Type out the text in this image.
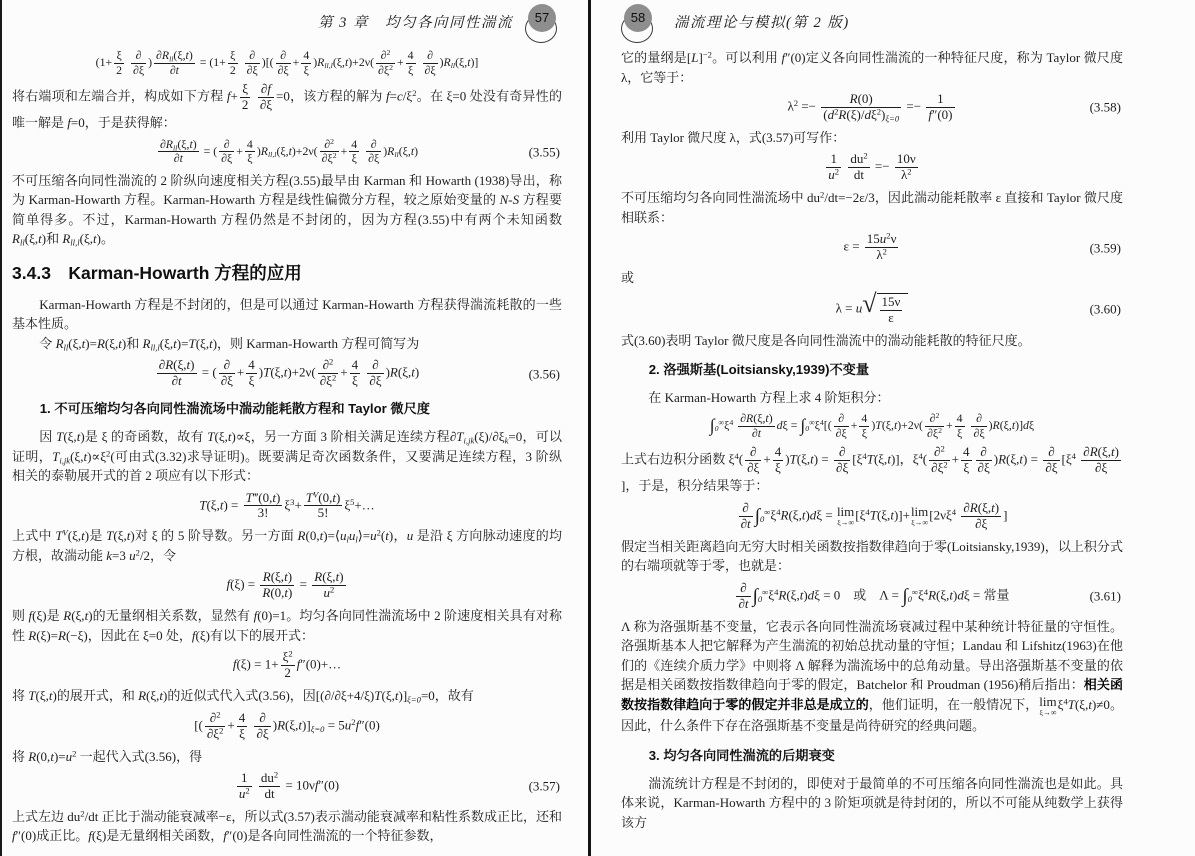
第 3 章　均匀各向同性湍流	57
($1+ \frac{\xi}{2}$
∂
∂ξ
) $\partial R_{ll}(\xi,t)$
∂t
= ($1+ \frac{\xi}{2}$
∂
∂ξ
)[( ∂
∂ξ
+ $\frac{4}{\xi} )R_{ll,l}(\xi,t)+2\nu( \frac{\partial^2}{\partial\xi^2} + \frac{4}{\xi}$
∂
∂ξ
)$R_{ll}(\xi,t)$]

将右端项和左端合并，构成如下方程 $f+ \frac{\xi}{2}$
$\frac{\partial f}{\partial\xi} =0$，该方程的解为 $f=c/\xi^2$。在 ξ=0 处没有奇异性的唯一解是 f=0，于是获得解：

$\partial R_{ll}(\xi,t)$
∂t
= ( ∂
∂ξ
+ $\frac{4}{\xi} )R_{ll,l}(\xi,t)+2\nu( \frac{\partial^2}{\partial\xi^2} + \frac{4}{\xi}$
∂
∂ξ
)$R_{ll}(\xi,t)$	(3.55)

不可压缩各向同性湍流的 2 阶纵向速度相关方程(3.55)最早由 Karman 和 Howarth (1938)导出，称为 Karman-Howarth 方程。Karman-Howarth 方程是线性偏微分方程，较之原始变量的 N-S 方程要简单得多。不过，Karman-Howarth 方程仍然是不封闭的，因为方程(3.55)中有两个未知函数 $R_{ll}(\xi,t)$和 $R_{ll,l}(\xi,t)$。

3.4.3　Karman-Howarth 方程的应用

Karman-Howarth 方程是不封闭的，但是可以通过 Karman-Howarth 方程获得湍流耗散的一些基本性质。

令 $R_{ll}(\xi,t)=R(\xi,t)$和 $R_{ll,l}(\xi,t)=T(\xi,t)$，则 Karman-Howarth 方程可简写为

$\frac{\partial R(\xi,t)}{\partial t}$ = ( ∂
∂ξ
+ $\frac{4}{\xi} )T(\xi,t)+2\nu( \frac{\partial^2}{\partial\xi^2} + \frac{4}{\xi}$
∂
∂ξ
)R(ξ,t)	(3.56)
1. 不可压缩均匀各向同性湍流场中湍动能耗散方程和 Taylor 微尺度

因 T(ξ,t)是 ξ 的奇函数，故有 T(ξ,t)∝ξ，另一方面 3 阶相关满足连续方程$\partial T_{i,jk}(\xi)/\partial\xi_k=0$，可以证明，$T_{i,jk}(\xi,t)\propto\xi^2$(可由式(3.32)求导证明)。既要满足奇次函数条件，又要满足连续方程，3 阶纵相关的泰勒展开式的首 2 项应有以下形式：

$T(\xi,t) = \frac{T‴(0,t)}{3!} \xi^3+ \frac{T^V(0,t)}{5!}$ $\xi^5+\dots$

上式中 $T^V(\xi,t)$是 T(ξ,t)对 ξ 的 5 阶导数。另一方面 $R(0,t)=⟨u_lu_l⟩=u^2(t)$，u 是沿 ξ 方向脉动速度的均方根，故湍动能 k=3 $u^2/2$，令

$f(\xi) = \frac{R(\xi,t)}{R(0,t)} = \frac{R(\xi,t)}{u^2}$

则 f(ξ)是 R(ξ,t)的无量纲相关系数，显然有 f(0)=1。均匀各向同性湍流场中 2 阶速度相关具有对称性 R(ξ)=R(−ξ)，因此在 ξ=0 处，f(ξ)有以下的展开式：

$f(\xi) = 1+ \frac{\xi^2}{2}$ f″(0)+…

将 T(ξ,t)的展开式，和 R(ξ,t)的近似式代入式(3.56)，因$[(\partial/\partial\xi+4/\xi)T(\xi,t)]_{\xi=0}=0$，故有

[( $\frac{\partial^2}{\partial\xi^2} + \frac{4}{\xi}$
∂
∂ξ
)$R(\xi,t)]_{\xi=0} = 5u^2f''(0)$

将 $R(0,t)=u^2$ 一起代入式(3.56)，得

$\frac{1}{u^2}$
$\frac{du^2}{dt} = 10\nu f''(0)$	(3.57)

上式左边 $du^2/dt$ 正比于湍动能衰减率−ε，所以式(3.57)表示湍动能衰减率和粘性系数成正比，还和 f″(0)成正比。f(ξ)是无量纲相关函数，f″(0)是各向同性湍流的一个特征参数，

58	湍流理论与模拟(第 2 版)

它的量纲是$[L]^{-2}$。可以利用 f″(0)定义各向同性湍流的一种特征尺度，称为 Taylor 微尺度 λ，它等于：

$\lambda^2 =- \frac{R(0)}{(d^2R(\xi)/d\xi^2)_{\xi=0}} =- \frac{1}{f''(0)}$	(3.58)

利用 Taylor 微尺度 λ，式(3.57)可写作：

$\frac{1}{u^2}$
$\frac{du^2}{dt} =- \frac{10\nu}{\lambda^2}$

不可压缩均匀各向同性湍流场中 $du^2/dt=-2\varepsilon/3$，因此湍动能耗散率 ε 直接和 Taylor 微尺度相联系：

$\varepsilon = \frac{15u^2\nu}{\lambda^2}$	(3.59)

或

λ = u √ $\frac{15\nu}{\varepsilon}$	(3.60)

式(3.60)表明 Taylor 微尺度是各向同性湍流中的湍动能耗散的特征尺度。

2. 洛强斯基(Loitsiansky,1939)不变量

在 Karman-Howarth 方程上求 4 阶矩积分：

$\int_0^\infty\xi^4 \frac{\partial R(\xi,t)}{\partial t}$ $d\xi = \int_0^\infty\xi^4$[( ∂
∂ξ
+ $\frac{4}{\xi} )T(\xi,t)+2\nu( \frac{\partial^2}{\partial\xi^2} + \frac{4}{\xi}$
∂
∂ξ
)R(ξ,t)]dξ

上式右边积分函数 $\xi^4$( ∂
∂ξ
+ $\frac{4}{\xi} )T(\xi,t)$ = ∂
∂ξ
$[\xi^4T(\xi,t)]$，$\xi^4( \frac{\partial^2}{\partial\xi^2} + \frac{4}{\xi}$ ∂
∂ξ
)R(ξ,t) = ∂
∂ξ
[$\xi^4 \frac{\partial R(\xi,t)}{\partial\xi}$
]，于是，积分结果等于：

∂
∂t $\int_0^\infty\xi^4R(\xi,t)d\xi = \lim$
ξ→∞
$[\xi^4T(\xi,t)]+ \lim$
ξ→∞
[$2\nu\xi^4 \frac{\partial R(\xi,t)}{\partial\xi}$ ]

假定当相关距离趋向无穷大时相关函数按指数律趋向于零(Loitsiansky,1939)，以上积分式的右端项就等于零，也就是：

∂
∂t $\int_0^\infty\xi^4R(\xi,t)d\xi = 0$　或　$\Lambda = \int_0^\infty\xi^4R(\xi,t)d\xi$ = 常量	(3.61)

Λ 称为洛强斯基不变量，它表示各向同性湍流场衰减过程中某种统计特征量的守恒性。洛强斯基本人把它解释为产生湍流的初始总扰动量的守恒；Landau 和 Lifshitz(1963)在他们的《连续介质力学》中则将 Λ 解释为湍流场中的总角动量。导出洛强斯基不变量的依据是相关函数按指数律趋向于零的假定，Batchelor 和 Proudman (1956)稍后指出：相关函数按指数律趋向于零的假定并非总是成立的，他们证明，在一般情况下， lim
ξ→∞
$\xi^4T(\xi,t)\ne 0$。因此，什么条件下存在洛强斯基不变量是尚待研究的经典问题。

3. 均匀各向同性湍流的后期衰变

湍流统计方程是不封闭的，即使对于最简单的不可压缩各向同性湍流也是如此。具体来说，Karman-Howarth 方程中的 3 阶矩项就是待封闭的，所以不可能从纯数学上获得该方
